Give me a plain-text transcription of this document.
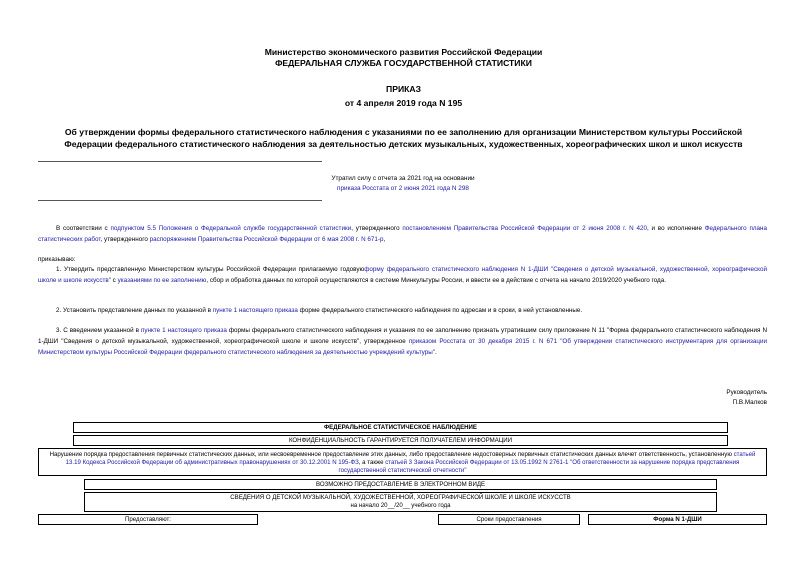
Министерство экономического развития Российской Федерации
ФЕДЕРАЛЬНАЯ СЛУЖБА ГОСУДАРСТВЕННОЙ СТАТИСТИКИ
ПРИКАЗ
от 4 апреля 2019 года N 195
Об утверждении формы федерального статистического наблюдения с указаниями по ее заполнению для организации Министерством культуры Российской
Федерации федерального статистического наблюдения за деятельностью детских музыкальных, художественных, хореографических школ и школ искусств
Утратил силу с отчета за 2021 год на основании
приказа Росстата от 2 июня 2021 года N 298
В соответствии с подпунктом 5.5 Положения о Федеральной службе государственной статистики, утвержденного постановлением Правительства Российской Федерации от 2 июня 2008 г. N 420, и во исполнение Федерального плана статистических работ, утвержденного распоряжением Правительства Российской Федерации от 6 мая 2008 г. N 671-р,
приказываю:
1. Утвердить представленную Министерством культуры Российской Федерации прилагаемую годовуюформу федерального статистического наблюдения N 1-ДШИ "Сведения о детской музыкальной, художественной, хореографической школе и школе искусств" с указаниями по ее заполнению, сбор и обработка данных по которой осуществляются в системе Минкультуры России, и ввести ее в действие с отчета на начало 2019/2020 учебного года.
2. Установить представление данных по указанной в пункте 1 настоящего приказа форме федерального статистического наблюдения по адресам и в сроки, в ней установленные.
3. С введением указанной в пункте 1 настоящего приказа формы федерального статистического наблюдения и указания по ее заполнению признать утратившим силу приложение N 11 "Форма федерального статистического наблюдения N 1-ДШИ "Сведения о детской музыкальной, художественной, хореографической школе и школе искусств", утвержденное приказом Росстата от 30 декабря 2015 г. N 671 "Об утверждении статистического инструментария для организации Министерством культуры Российской Федерации федерального статистического наблюдения за деятельностью учреждений культуры".
Руководитель
П.В.Малков
ФЕДЕРАЛЬНОЕ СТАТИСТИЧЕСКОЕ НАБЛЮДЕНИЕ
КОНФИДЕНЦИАЛЬНОСТЬ ГАРАНТИРУЕТСЯ ПОЛУЧАТЕЛЕМ ИНФОРМАЦИИ
Нарушение порядка предоставления первичных статистических данных, или несвоевременное предоставление этих данных, либо предоставление недостоверных первичных статистических данных влечет ответственность, установленную статьей 13.19 Кодекса Российской Федерации об административных правонарушениях от 30.12.2001 N 195-ФЗ, а также статьей 3 Закона Российской Федерации от 13.05.1992 N 2761-1 "Об ответственности за нарушение порядка представления государственной статистической отчетности"
ВОЗМОЖНО ПРЕДОСТАВЛЕНИЕ В ЭЛЕКТРОННОМ ВИДЕ
СВЕДЕНИЯ О ДЕТСКОЙ МУЗЫКАЛЬНОЙ, ХУДОЖЕСТВЕННОЙ, ХОРЕОГРАФИЧЕСКОЙ ШКОЛЕ И ШКОЛЕ ИСКУССТВ
на начало 20__/20__ учебного года
Предоставляют:	Сроки предоставления	Форма N 1-ДШИ
